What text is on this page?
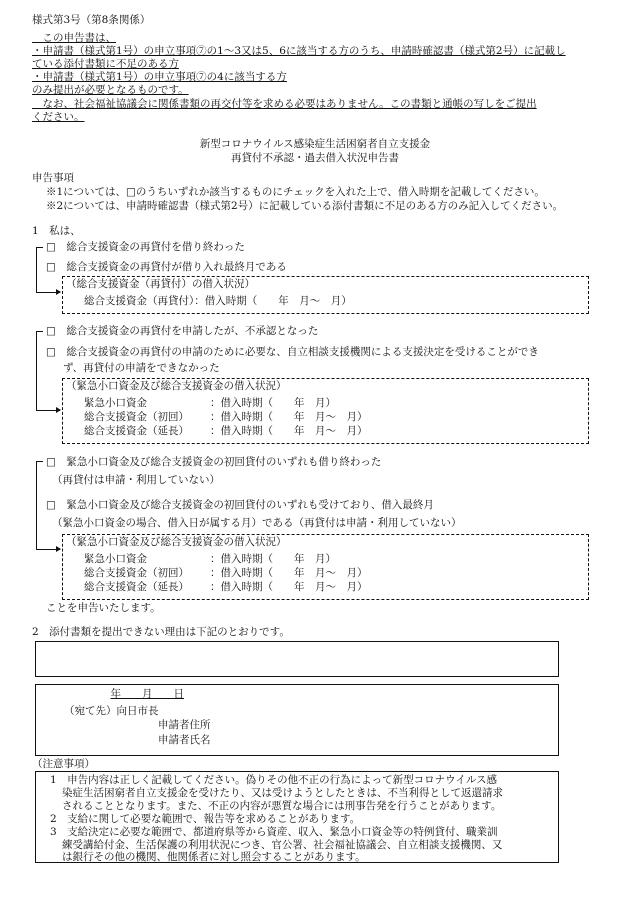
様式第3号（第8条関係）
　この申告書は、
・申請書（様式第1号）の申立事項⑦の1～3又は5、6に該当する方のうち、申請時確認書（様式第2号）に記載し
ている添付書類に不足のある方
・申請書（様式第1号）の申立事項⑦の4に該当する方
のみ提出が必要となるものです。
　なお、社会福祉協議会に関係書類の再交付等を求める必要はありません。この書類と通帳の写しをご提出
ください。
新型コロナウイルス感染症生活困窮者自立支援金
再貸付不承認・過去借入状況申告書
申告事項
※1については、□のうちいずれか該当するものにチェックを入れた上で、借入時期を記載してください。
※2については、申請時確認書（様式第2号）に記載している添付書類に不足のある方のみ記入してください。
1　私は、
□　総合支援資金の再貸付を借り終わった
□　総合支援資金の再貸付が借り入れ最終月である
（総合支援資金（再貸付）の借入状況）
総合支援資金（再貸付）：借入時期（　　年　月～　月）
□　総合支援資金の再貸付を申請したが、不承認となった
□　総合支援資金の再貸付の申請のために必要な、自立相談支援機関による支援決定を受けることができ
ず、再貸付の申請をできなかった
（緊急小口資金及び総合支援資金の借入状況）
緊急小口資金	：借入時期（　　年　月）
総合支援資金（初回） ：借入時期（　　年　月～　月）
総合支援資金（延長） ：借入時期（　　年　月～　月）
□　緊急小口資金及び総合支援資金の初回貸付のいずれも借り終わった
（再貸付は申請・利用していない）
□　緊急小口資金及び総合支援資金の初回貸付のいずれも受けており、借入最終月
（緊急小口資金の場合、借入日が属する月）である（再貸付は申請・利用していない）
（緊急小口資金及び総合支援資金の借入状況）
緊急小口資金	：借入時期（　　年　月）
総合支援資金（初回） ：借入時期（　　年　月～　月）
総合支援資金（延長） ：借入時期（　　年　月～　月）
ことを申告いたします。
2　添付書類を提出できない理由は下記のとおりです。
年　　月　　日
（宛て先）向日市長
申請者住所
申請者氏名
（注意事項）
1　申告内容は正しく記載してください。偽りその他不正の行為によって新型コロナウイルス感
染症生活困窮者自立支援金を受けたり、又は受けようとしたときは、不当利得として返還請求
されることとなります。また、不正の内容が悪質な場合には刑事告発を行うことがあります。
2　支給に関して必要な範囲で、報告等を求めることがあります。
3　支給決定に必要な範囲で、都道府県等から資産、収入、緊急小口資金等の特例貸付、職業訓
練受講給付金、生活保護の利用状況につき、官公署、社会福祉協議会、自立相談支援機関、又
は銀行その他の機関、他関係者に対し照会することがあります。
